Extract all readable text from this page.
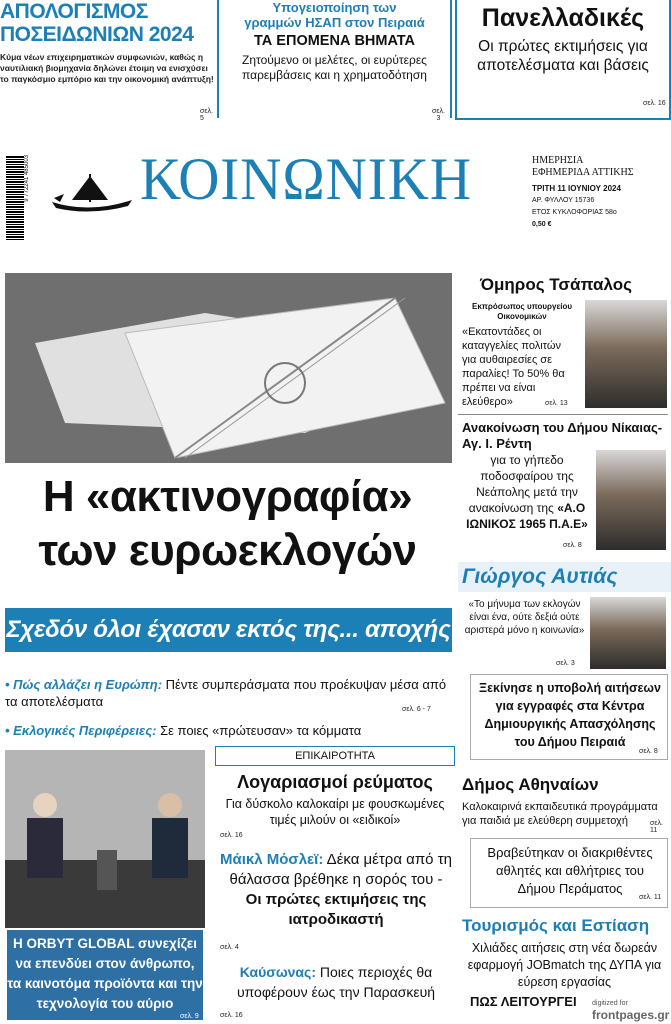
ΑΠΟΛΟΓΙΣΜΟΣ
ΠΟΣΕΙΔΩΝΙΩΝ 2024
Κύμα νέων επιχειρηματικών συμφωνιών, καθώς η ναυτιλιακή βιομηχανία δηλώνει έτοιμη να ενισχύσει το παγκόσμιο εμπόριο και την οικονομική ανάπτυξη!
σελ. 5
Υπογειοποίηση των
γραμμών ΗΣΑΠ στον Πειραιά
ΤΑ ΕΠΟΜΕΝΑ ΒΗΜΑΤΑ
Ζητούμενο οι μελέτες, οι ευρύτερες παρεμβάσεις και η χρηματοδότηση
σελ. 3
Πανελλαδικές
Οι πρώτες εκτιμήσεις για αποτελέσματα και βάσεις
σελ. 16
9 772241 485003 ΚΟΙΝΩΝΙΚΗ	ΗΜΕΡΗΣΙΑ
ΕΦΗΜΕΡΙΔΑ ΑΤΤΙΚΗΣ
ΤΡΙΤΗ 11 ΙΟΥΝΙΟΥ 2024
ΑΡ. ΦΥΛΛΟΥ 15736
ΕΤΟΣ ΚΥΚΛΟΦΟΡΙΑΣ 58ο
0,50 €
Η «ακτινογραφία»
των ευρωεκλογών
Σχεδόν όλοι έχασαν εκτός της... αποχής
• Πώς αλλάζει η Ευρώπη: Πέντε συμπεράσματα που προέκυψαν μέσα από τα αποτελέσματα
σελ. 6 - 7
• Εκλογικές Περιφέρειες: Σε ποιες «πρώτευσαν» τα κόμματα
Η ORBYT GLOBAL συνεχίζει να επενδύει στον άνθρωπο, τα καινοτόμα προϊόντα και την τεχνολογία του αύριο
σελ. 9
ΕΠΙΚΑΙΡΟΤΗΤΑ
Λογαριασμοί ρεύματος
Για δύσκολο καλοκαίρι με φουσκωμένες τιμές μιλούν οι «ειδικοί»
σελ. 16
Μάικλ Μόσλεϊ: Δέκα μέτρα από τη θάλασσα βρέθηκε η σορός του - Οι πρώτες εκτιμήσεις της ιατροδικαστή
σελ. 4
Καύσωνας: Ποιες περιοχές θα υποφέρουν έως την Παρασκευή
σελ. 16
Όμηρος Τσάπαλος
Εκπρόσωπος υπουργείου Οικονομικών
«Εκατοντάδες οι καταγγελίες πολιτών για αυθαιρεσίες σε παραλίες! Το 50% θα πρέπει να είναι ελεύθερο»	σελ. 13
Ανακοίνωση του Δήμου Νίκαιας-Αγ. Ι. Ρέντη
για το γήπεδο ποδοσφαίρου της Νεάπολης μετά την ανακοίνωση της «Α.Ο ΙΩΝΙΚΟΣ 1965 Π.Α.Ε»
σελ. 8
Γιώργος Αυτιάς
«Το μήνυμα των εκλογών είναι ένα, ούτε δεξιά ούτε αριστερά μόνο η κοινωνία»
σελ. 3
Ξεκίνησε η υποβολή αιτήσεων για εγγραφές στα Κέντρα Δημιουργικής Απασχόλησης του Δήμου Πειραιά
σελ. 8
Δήμος Αθηναίων
Καλοκαιρινά εκπαιδευτικά προγράμματα για παιδιά με ελεύθερη συμμετοχή	σελ. 11
Βραβεύτηκαν οι διακριθέντες αθλητές και αθλήτριες του Δήμου Περάματος
σελ. 11
Τουρισμός και Εστίαση
Χιλιάδες αιτήσεις στη νέα δωρεάν εφαρμογή JOBmatch της ΔΥΠΑ για εύρεση εργασίας
ΠΩΣ ΛΕΙΤΟΥΡΓΕΙ	digitized for
frontpages.gr
